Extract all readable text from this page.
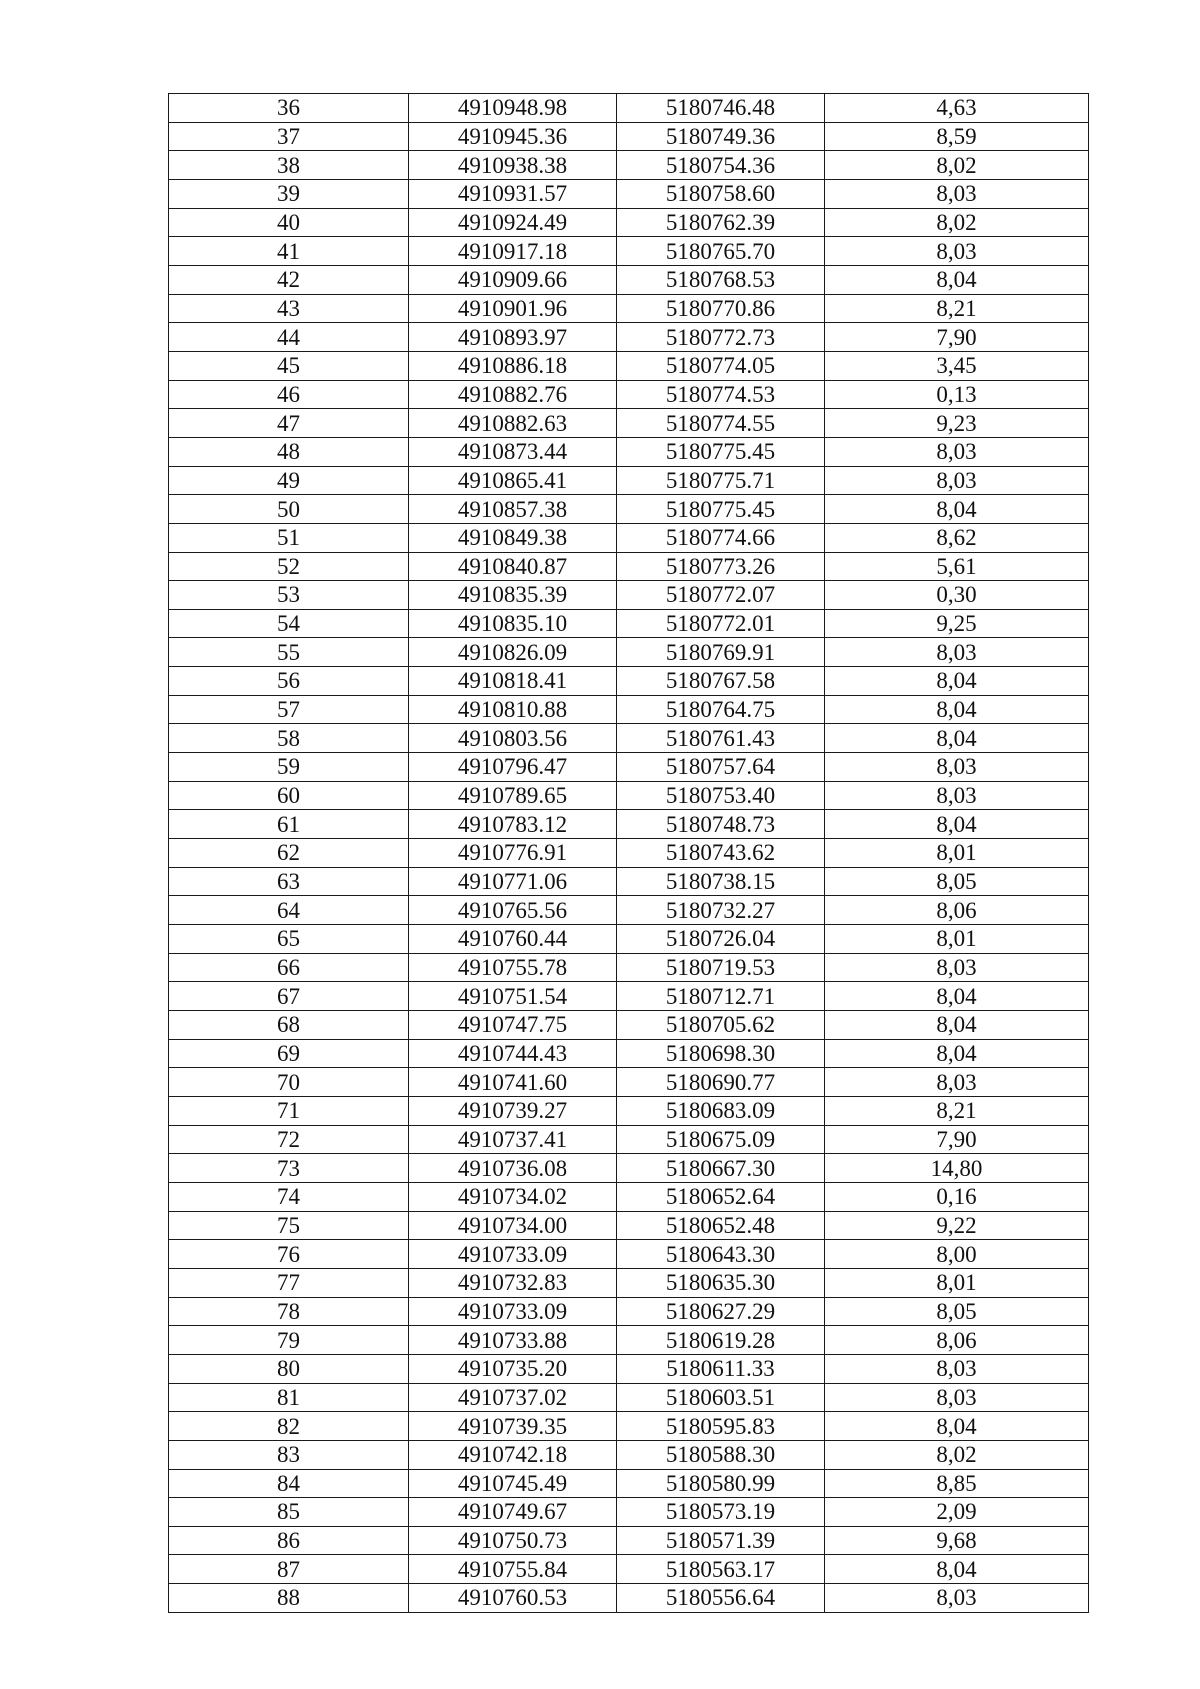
36	4910948.98	5180746.48	4,63
37	4910945.36	5180749.36	8,59
38	4910938.38	5180754.36	8,02
39	4910931.57	5180758.60	8,03
40	4910924.49	5180762.39	8,02
41	4910917.18	5180765.70	8,03
42	4910909.66	5180768.53	8,04
43	4910901.96	5180770.86	8,21
44	4910893.97	5180772.73	7,90
45	4910886.18	5180774.05	3,45
46	4910882.76	5180774.53	0,13
47	4910882.63	5180774.55	9,23
48	4910873.44	5180775.45	8,03
49	4910865.41	5180775.71	8,03
50	4910857.38	5180775.45	8,04
51	4910849.38	5180774.66	8,62
52	4910840.87	5180773.26	5,61
53	4910835.39	5180772.07	0,30
54	4910835.10	5180772.01	9,25
55	4910826.09	5180769.91	8,03
56	4910818.41	5180767.58	8,04
57	4910810.88	5180764.75	8,04
58	4910803.56	5180761.43	8,04
59	4910796.47	5180757.64	8,03
60	4910789.65	5180753.40	8,03
61	4910783.12	5180748.73	8,04
62	4910776.91	5180743.62	8,01
63	4910771.06	5180738.15	8,05
64	4910765.56	5180732.27	8,06
65	4910760.44	5180726.04	8,01
66	4910755.78	5180719.53	8,03
67	4910751.54	5180712.71	8,04
68	4910747.75	5180705.62	8,04
69	4910744.43	5180698.30	8,04
70	4910741.60	5180690.77	8,03
71	4910739.27	5180683.09	8,21
72	4910737.41	5180675.09	7,90
73	4910736.08	5180667.30	14,80
74	4910734.02	5180652.64	0,16
75	4910734.00	5180652.48	9,22
76	4910733.09	5180643.30	8,00
77	4910732.83	5180635.30	8,01
78	4910733.09	5180627.29	8,05
79	4910733.88	5180619.28	8,06
80	4910735.20	5180611.33	8,03
81	4910737.02	5180603.51	8,03
82	4910739.35	5180595.83	8,04
83	4910742.18	5180588.30	8,02
84	4910745.49	5180580.99	8,85
85	4910749.67	5180573.19	2,09
86	4910750.73	5180571.39	9,68
87	4910755.84	5180563.17	8,04
88	4910760.53	5180556.64	8,03
